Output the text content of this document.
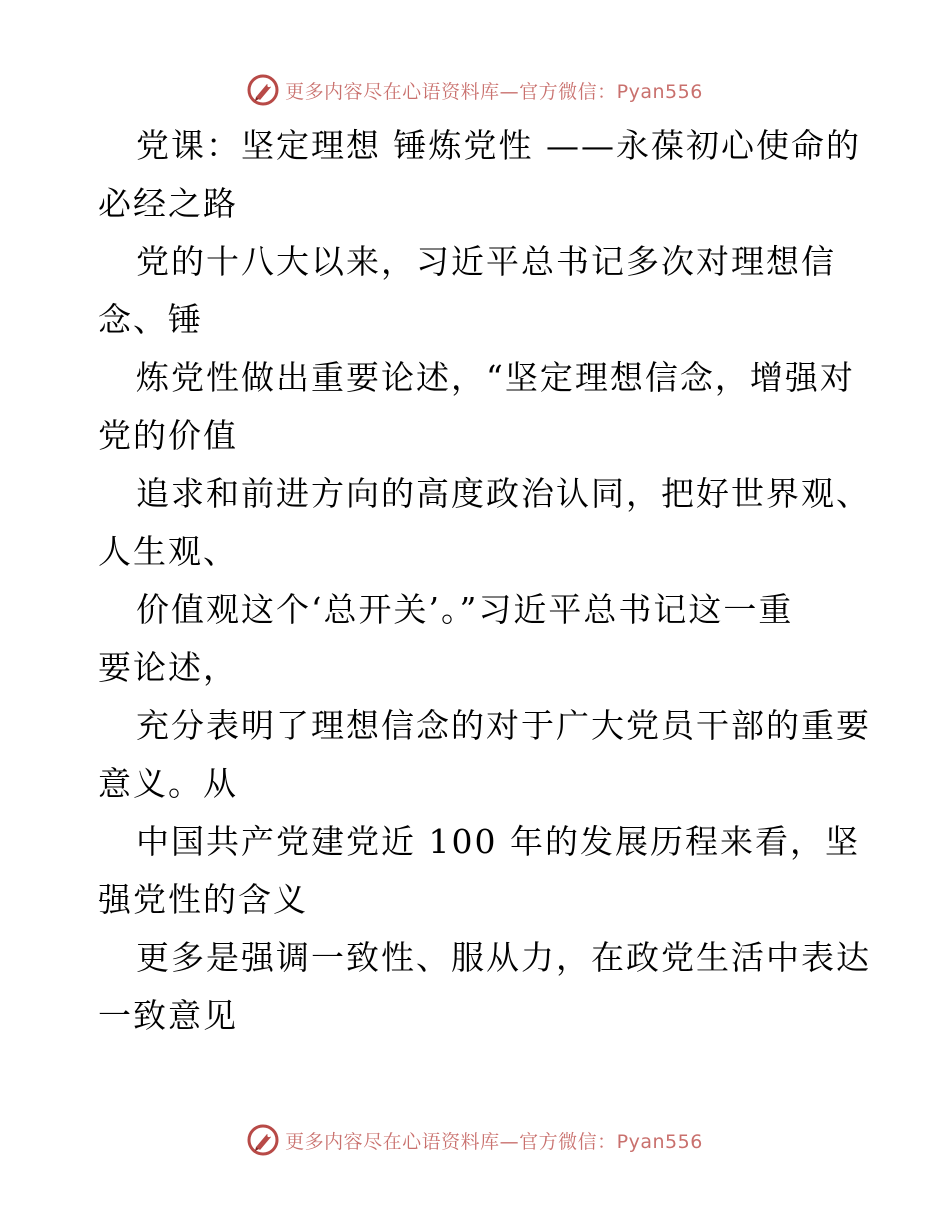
更多内容尽在心语资料库—官方微信：Pyan556
党课：坚定理想 锤炼党性 ——永葆初心使命的
必经之路
党的十八大以来，习近平总书记多次对理想信
念、锤
炼党性做出重要论述，“坚定理想信念，增强对
党的价值
追求和前进方向的高度政治认同，把好世界观、
人生观、
价值观这个‘总开关’。”习近平总书记这一重
要论述，
充分表明了理想信念的对于广大党员干部的重要
意义。从
中国共产党建党近 100 年的发展历程来看，坚
强党性的含义
更多是强调一致性、服从力，在政党生活中表达
一致意见
更多内容尽在心语资料库—官方微信：Pyan556
